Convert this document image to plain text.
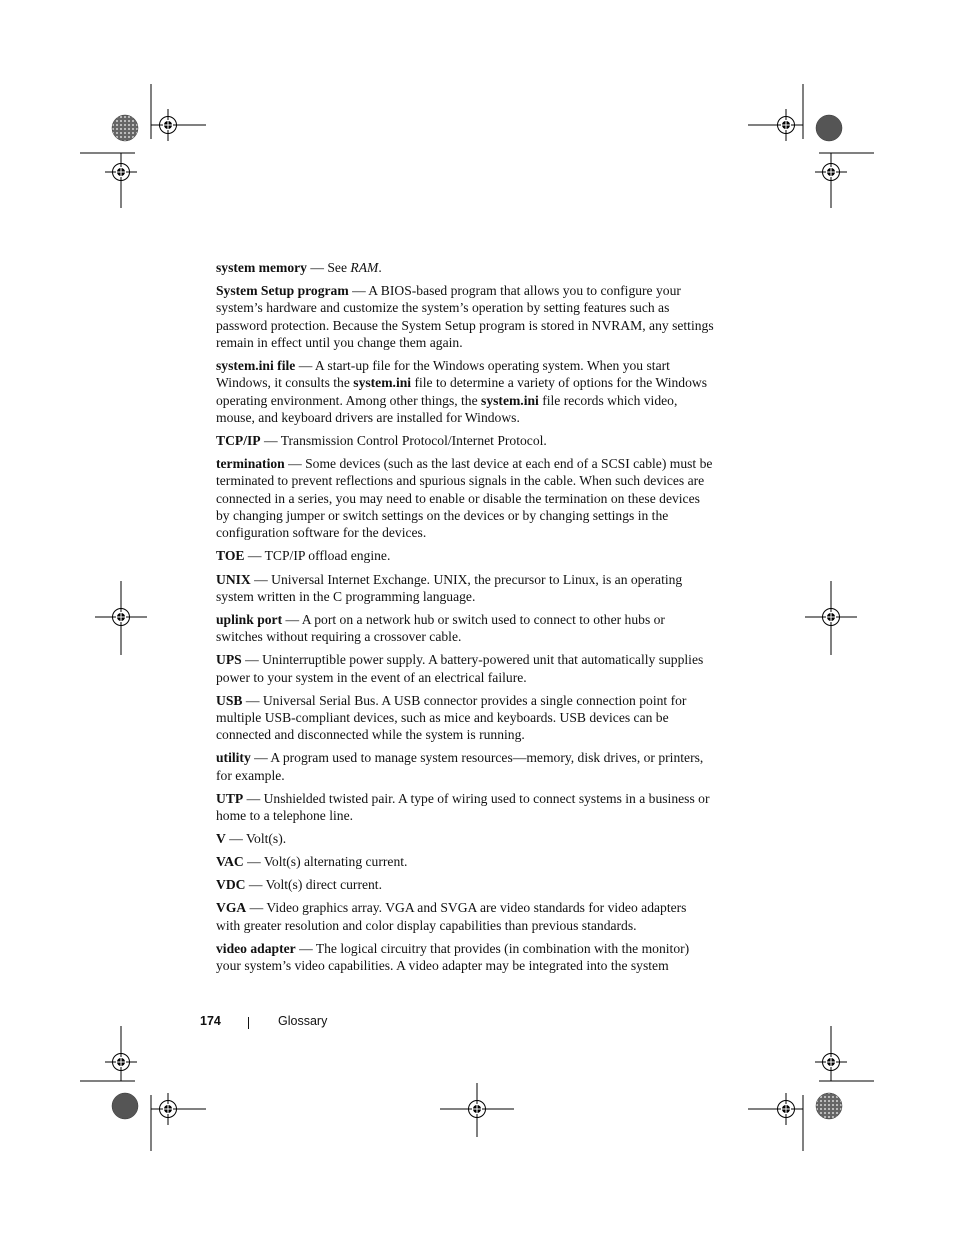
system memory — See RAM.

System Setup program — A BIOS-based program that allows you to configure your system’s hardware and customize the system’s operation by setting features such as password protection. Because the System Setup program is stored in NVRAM, any settings remain in effect until you change them again.

system.ini file — A start-up file for the Windows operating system. When you start Windows, it consults the system.ini file to determine a variety of options for the Windows operating environment. Among other things, the system.ini file records which video, mouse, and keyboard drivers are installed for Windows.

TCP/IP — Transmission Control Protocol/Internet Protocol.

termination — Some devices (such as the last device at each end of a SCSI cable) must be terminated to prevent reflections and spurious signals in the cable. When such devices are connected in a series, you may need to enable or disable the termination on these devices by changing jumper or switch settings on the devices or by changing settings in the configuration software for the devices.

TOE — TCP/IP offload engine.

UNIX — Universal Internet Exchange. UNIX, the precursor to Linux, is an operating system written in the C programming language.

uplink port — A port on a network hub or switch used to connect to other hubs or switches without requiring a crossover cable.

UPS — Uninterruptible power supply. A battery-powered unit that automatically supplies power to your system in the event of an electrical failure.

USB — Universal Serial Bus. A USB connector provides a single connection point for multiple USB-compliant devices, such as mice and keyboards. USB devices can be connected and disconnected while the system is running.

utility — A program used to manage system resources—memory, disk drives, or printers, for example.

UTP — Unshielded twisted pair. A type of wiring used to connect systems in a business or home to a telephone line.

V — Volt(s).

VAC — Volt(s) alternating current.

VDC — Volt(s) direct current.

VGA — Video graphics array. VGA and SVGA are video standards for video adapters with greater resolution and color display capabilities than previous standards.

video adapter — The logical circuitry that provides (in combination with the monitor) your system’s video capabilities. A video adapter may be integrated into the system

174	Glossary
